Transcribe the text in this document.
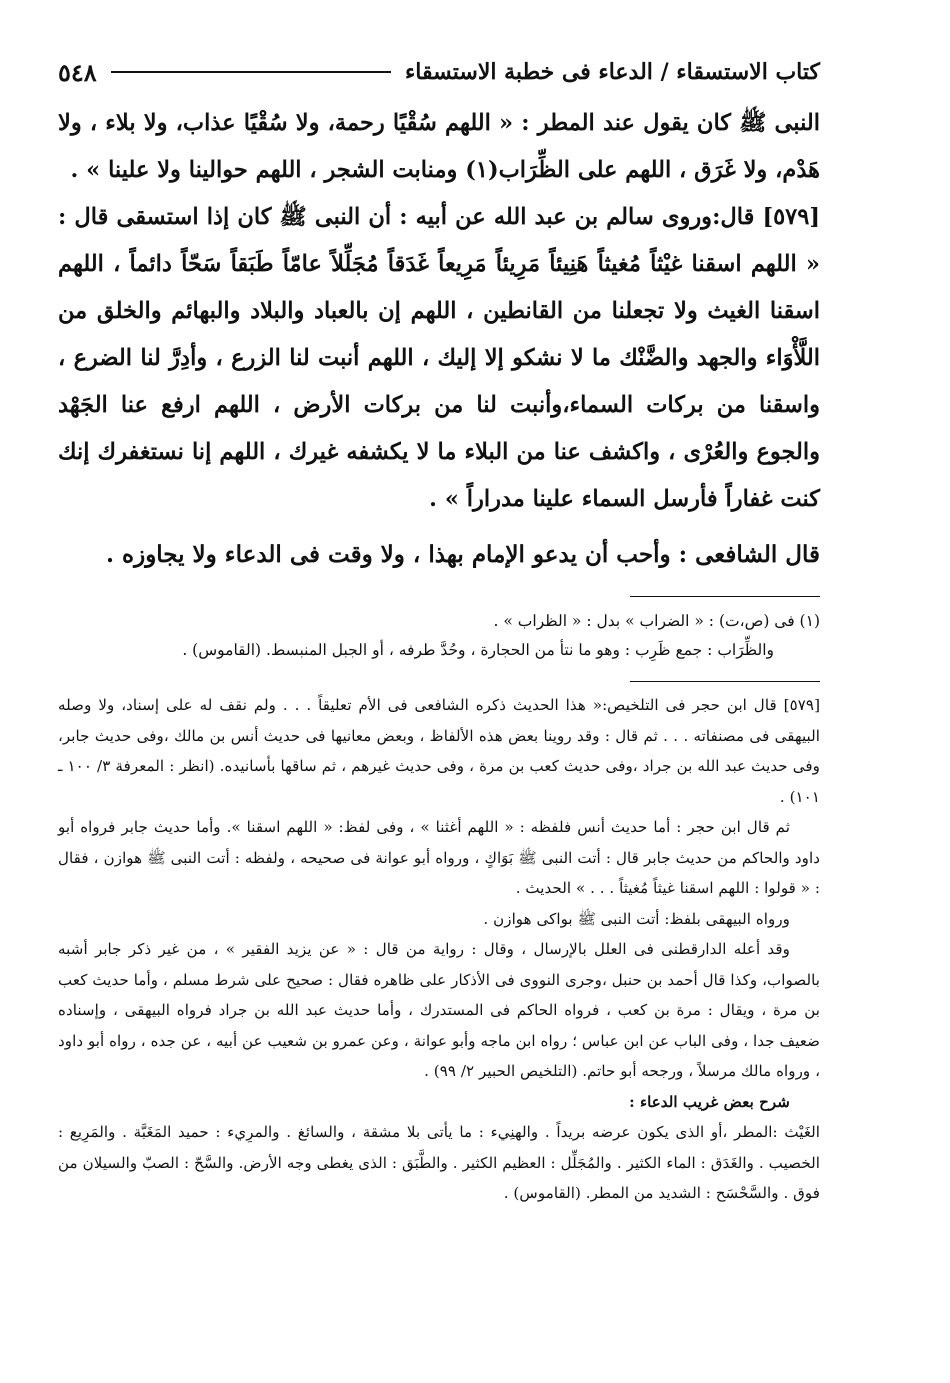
كتاب الاستسقاء / الدعاء فى خطبة الاستسقاء
٥٤٨

النبى ﷺ كان يقول عند المطر : « اللهم سُقْيًا رحمة، ولا سُقْيًا عذاب، ولا بلاء ، ولا هَدْم، ولا غَرَق ، اللهم على الظِّرَاب(١) ومنابت الشجر ، اللهم حوالينا ولا علينا » .

[٥٧٩] قال:وروى سالم بن عبد الله عن أبيه : أن النبى ﷺ كان إذا استسقى قال : « اللهم اسقنا غيْثاً مُغيثاً هَنِيئاً مَرِيئاً مَرِيعاً غَدَقاً مُجَلِّلاً عامّاً طَبَقاً سَحّاً دائماً ، اللهم اسقنا الغيث ولا تجعلنا من القانطين ، اللهم إن بالعباد والبلاد والبهائم والخلق من اللَّأْوَاء والجهد والضَّنْك ما لا نشكو إلا إليك ، اللهم أنبت لنا الزرع ، وأدِرَّ لنا الضرع ، واسقنا من بركات السماء،وأنبت لنا من بركات الأرض ، اللهم ارفع عنا الجَهْد والجوع والعُرْى ، واكشف عنا من البلاء ما لا يكشفه غيرك ، اللهم إنا نستغفرك إنك كنت غفاراً فأرسل السماء علينا مدراراً » .

قال الشافعى : وأحب أن يدعو الإمام بهذا ، ولا وقت فى الدعاء ولا يجاوزه .

(١) فى (ص،ت) : « الضراب » بدل : « الظراب » .

والظِّرَاب : جمع ظَرِب : وهو ما نتأ من الحجارة ، وحُدَّ طرفه ، أو الجبل المنبسط. (القاموس) .

[٥٧٩] قال ابن حجر فى التلخيص:« هذا الحديث ذكره الشافعى فى الأم تعليقاً . . . ولم نقف له على إسناد، ولا وصله البيهقى فى مصنفاته . . . ثم قال : وقد روينا بعض هذه الألفاظ ، وبعض معانيها فى حديث أنس بن مالك ،وفى حديث جابر، وفى حديث عبد الله بن جراد ،وفى حديث كعب بن مرة ، وفى حديث غيرهم ، ثم ساقها بأسانيده. (انظر : المعرفة ٣/ ١٠٠ ـ ١٠١) .

ثم قال ابن حجر : أما حديث أنس فلفظه : « اللهم أغثنا » ، وفى لفظ: « اللهم اسقنا ». وأما حديث جابر فرواه أبو داود والحاكم من حديث جابر قال : أتت النبى ﷺ بَوَاكٍ ، ورواه أبو عوانة فى صحيحه ، ولفظه : أتت النبى ﷺ هوازن ، فقال : « قولوا : اللهم اسقنا غيثاً مُغيثاً . . . » الحديث .

ورواه البيهقى بلفظ: أتت النبى ﷺ بواكى هوازن .

وقد أعله الدارقطنى فى العلل بالإرسال ، وقال : رواية من قال : « عن يزيد الفقير » ، من غير ذكر جابر أشبه بالصواب، وكذا قال أحمد بن حنبل ،وجرى النووى فى الأذكار على ظاهره فقال : صحيح على شرط مسلم ، وأما حديث كعب بن مرة ، ويقال : مرة بن كعب ، فرواه الحاكم فى المستدرك ، وأما حديث عبد الله بن جراد فرواه البيهقى ، وإسناده ضعيف جدا ، وفى الباب عن ابن عباس ؛ رواه ابن ماجه وأبو عوانة ، وعن عمرو بن شعيب عن أبيه ، عن جده ، رواه أبو داود ، ورواه مالك مرسلاً ، ورجحه أبو حاتم. (التلخيص الحبير ٢/ ٩٩) .

شرح بعض غريب الدعاء :

الغَيْث :المطر ،أو الذى يكون عرضه بريداً . والهنِيء : ما يأتى بلا مشقة ، والسائغ . والمرِيء : حميد المَغَبَّة . والمَرِيع : الخصيب . والغَدَق : الماء الكثير . والمُجَلِّل : العظيم الكثير . والطَّبَق : الذى يغطى وجه الأرض. والسَّحّ : الصبّ والسيلان من فوق . والسَّحْسَح : الشديد من المطر. (القاموس) .
